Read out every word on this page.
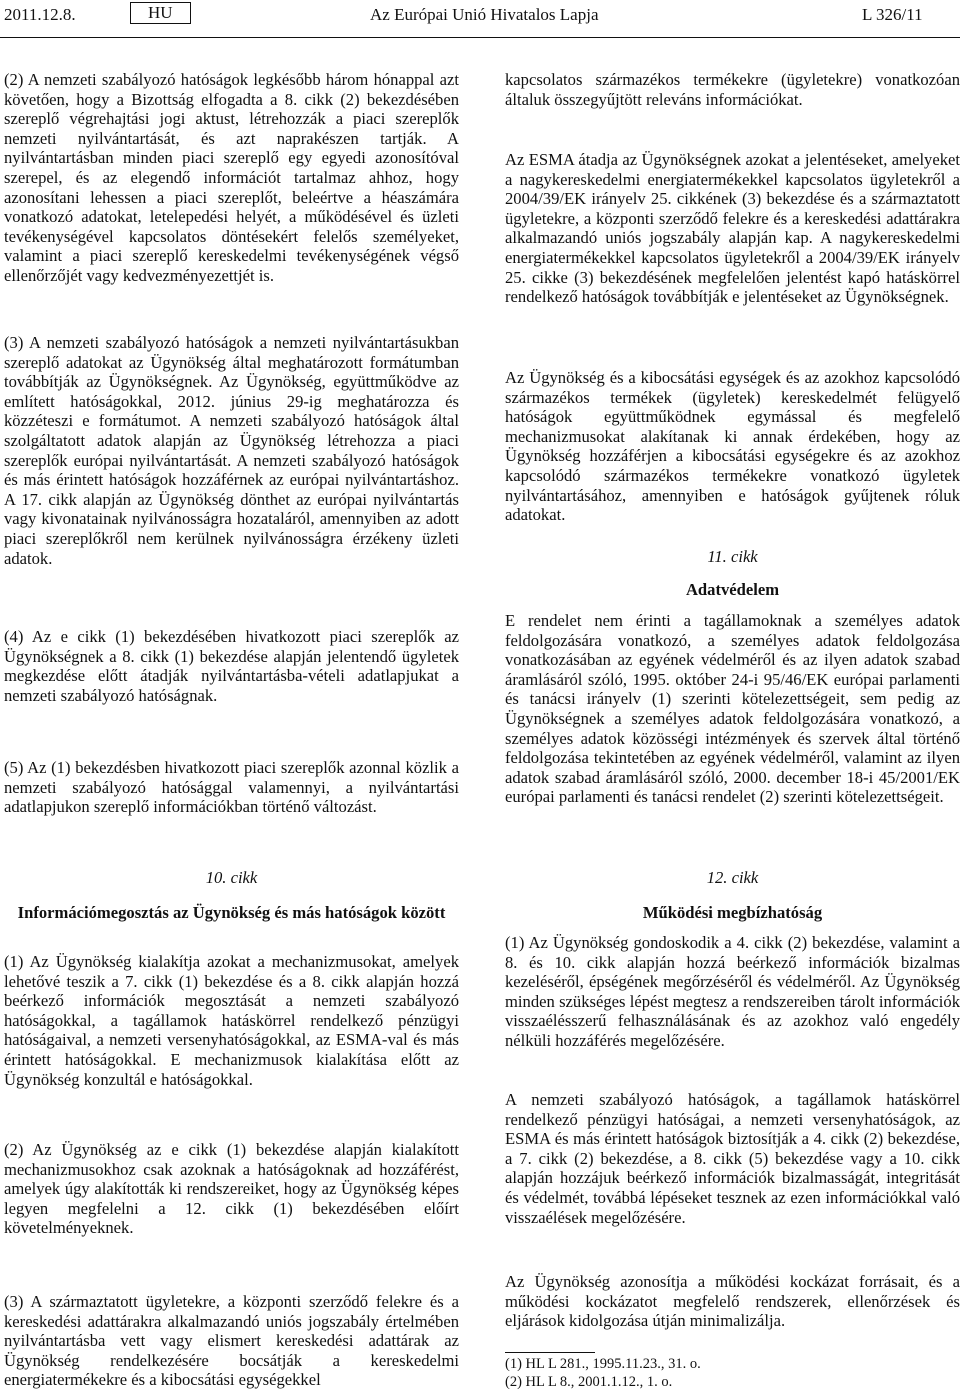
2011.12.8.	HU	Az Európai Unió Hivatalos Lapja	L 326/11

(2) A nemzeti szabályozó hatóságok legkésőbb három hónappal azt követően, hogy a Bizottság elfogadta a 8. cikk (2) bekezdésében szereplő végrehajtási jogi aktust, létrehozzák a piaci szereplők nemzeti nyilvántartását, és azt naprakészen tartják. A nyilvántartásban minden piaci szereplő egy egyedi azonosítóval szerepel, és az elegendő információt tartalmaz ahhoz, hogy azonosítani lehessen a piaci szereplőt, beleértve a héaszámára vonatkozó adatokat, letelepedési helyét, a működésével és üzleti tevékenységével kapcsolatos döntésekért felelős személyeket, valamint a piaci szereplő kereskedelmi tevékenységének végső ellenőrzőjét vagy kedvezményezettjét is.

(3) A nemzeti szabályozó hatóságok a nemzeti nyilvántartásukban szereplő adatokat az Ügynökség által meghatározott formátumban továbbítják az Ügynökségnek. Az Ügynökség, együttműködve az említett hatóságokkal, 2012. június 29-ig meghatározza és közzéteszi e formátumot. A nemzeti szabályozó hatóságok által szolgáltatott adatok alapján az Ügynökség létrehozza a piaci szereplők európai nyilvántartását. A nemzeti szabályozó hatóságok és más érintett hatóságok hozzáférnek az európai nyilvántartáshoz. A 17. cikk alapján az Ügynökség dönthet az európai nyilvántartás vagy kivonatainak nyilvánosságra hozataláról, amennyiben az adott piaci szereplőkről nem kerülnek nyilvánosságra érzékeny üzleti adatok.

(4) Az e cikk (1) bekezdésében hivatkozott piaci szereplők az Ügynökségnek a 8. cikk (1) bekezdése alapján jelentendő ügyletek megkezdése előtt átadják nyilvántartásba-vételi adatlapjukat a nemzeti szabályozó hatóságnak.

(5) Az (1) bekezdésben hivatkozott piaci szereplők azonnal közlik a nemzeti szabályozó hatósággal valamennyi, a nyilvántartási adatlapjukon szereplő információkban történő változást.

10. cikk
Információmegosztás az Ügynökség és más hatóságok között

(1) Az Ügynökség kialakítja azokat a mechanizmusokat, amelyek lehetővé teszik a 7. cikk (1) bekezdése és a 8. cikk alapján hozzá beérkező információk megosztását a nemzeti szabályozó hatóságokkal, a tagállamok hatáskörrel rendelkező pénzügyi hatóságaival, a nemzeti versenyhatóságokkal, az ESMA-val és más érintett hatóságokkal. E mechanizmusok kialakítása előtt az Ügynökség konzultál e hatóságokkal.

(2) Az Ügynökség az e cikk (1) bekezdése alapján kialakított mechanizmusokhoz csak azoknak a hatóságoknak ad hozzáférést, amelyek úgy alakították ki rendszereiket, hogy az Ügynökség képes legyen megfelelni a 12. cikk (1) bekezdésében előírt követelményeknek.

(3) A származtatott ügyletekre, a központi szerződő felekre és a kereskedési adattárakra alkalmazandó uniós jogszabály értelmében nyilvántartásba vett vagy elismert kereskedési adattárak az Ügynökség rendelkezésére bocsátják a kereskedelmi energiatermékekre és a kibocsátási egységekkel

kapcsolatos származékos termékekre (ügyletekre) vonatkozóan általuk összegyűjtött releváns információkat.

Az ESMA átadja az Ügynökségnek azokat a jelentéseket, amelyeket a nagykereskedelmi energiatermékekkel kapcsolatos ügyletekről a 2004/39/EK irányelv 25. cikkének (3) bekezdése és a származtatott ügyletekre, a központi szerződő felekre és a kereskedési adattárakra alkalmazandó uniós jogszabály alapján kap. A nagykereskedelmi energiatermékekkel kapcsolatos ügyletekről a 2004/39/EK irányelv 25. cikke (3) bekezdésének megfelelően jelentést kapó hatáskörrel rendelkező hatóságok továbbítják e jelentéseket az Ügynökségnek.

Az Ügynökség és a kibocsátási egységek és az azokhoz kapcsolódó származékos termékek (ügyletek) kereskedelmét felügyelő hatóságok együttműködnek egymással és megfelelő mechanizmusokat alakítanak ki annak érdekében, hogy az Ügynökség hozzáférjen a kibocsátási egységekre és az azokhoz kapcsolódó származékos termékekre vonatkozó ügyletek nyilvántartásához, amennyiben e hatóságok gyűjtenek róluk adatokat.

11. cikk
Adatvédelem

E rendelet nem érinti a tagállamoknak a személyes adatok feldolgozására vonatkozó, a személyes adatok feldolgozása vonatkozásában az egyének védelméről és az ilyen adatok szabad áramlásáról szóló, 1995. október 24-i 95/46/EK európai parlamenti és tanácsi irányelv (1) szerinti kötelezettségeit, sem pedig az Ügynökségnek a személyes adatok feldolgozására vonatkozó, a személyes adatok közösségi intézmények és szervek által történő feldolgozása tekintetében az egyének védelméről, valamint az ilyen adatok szabad áramlásáról szóló, 2000. december 18-i 45/2001/EK európai parlamenti és tanácsi rendelet (2) szerinti kötelezettségeit.

12. cikk
Működési megbízhatóság

(1) Az Ügynökség gondoskodik a 4. cikk (2) bekezdése, valamint a 8. és 10. cikk alapján hozzá beérkező információk bizalmas kezeléséről, épségének megőrzéséről és védelméről. Az Ügynökség minden szükséges lépést megtesz a rendszereiben tárolt információk visszaélésszerű felhasználásának és az azokhoz való engedély nélküli hozzáférés megelőzésére.

A nemzeti szabályozó hatóságok, a tagállamok hatáskörrel rendelkező pénzügyi hatóságai, a nemzeti versenyhatóságok, az ESMA és más érintett hatóságok biztosítják a 4. cikk (2) bekezdése, a 7. cikk (2) bekezdése, a 8. cikk (5) bekezdése vagy a 10. cikk alapján hozzájuk beérkező információk bizalmasságát, integritását és védelmét, továbbá lépéseket tesznek az ezen információkkal való visszaélések megelőzésére.

Az Ügynökség azonosítja a működési kockázat forrásait, és a működési kockázatot megfelelő rendszerek, ellenőrzések és eljárások kidolgozása útján minimalizálja.

(1) HL L 281., 1995.11.23., 31. o.
(2) HL L 8., 2001.1.12., 1. o.
